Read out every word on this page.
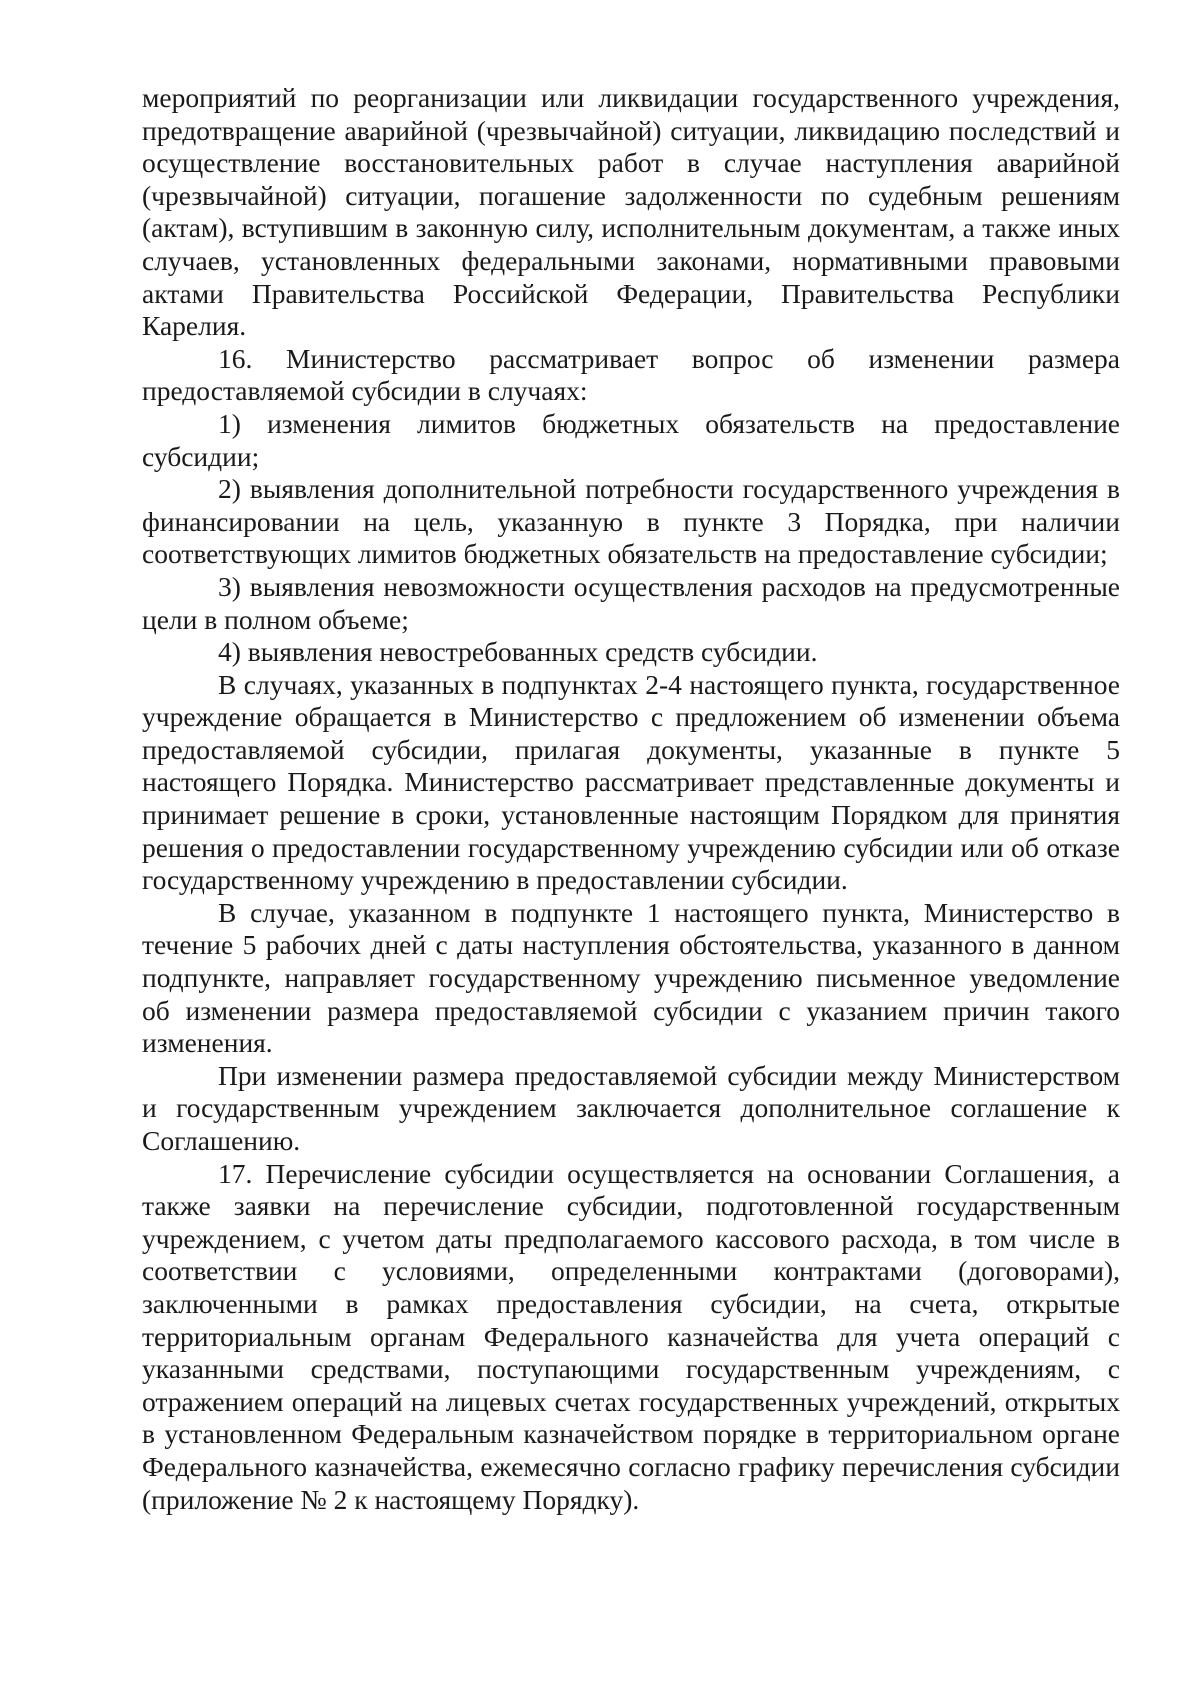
мероприятий по реорганизации или ликвидации государственного учреждения, предотвращение аварийной (чрезвычайной) ситуации, ликвидацию последствий и осуществление восстановительных работ в случае наступления аварийной (чрезвычайной) ситуации, погашение задолженности по судебным решениям (актам), вступившим в законную силу, исполнительным документам, а также иных случаев, установленных федеральными законами, нормативными правовыми актами Правительства Российской Федерации, Правительства Республики Карелия.

16. Министерство рассматривает вопрос об изменении размера предоставляемой субсидии в случаях:

1) изменения лимитов бюджетных обязательств на предоставление субсидии;

2) выявления дополнительной потребности государственного учреждения в финансировании на цель, указанную в пункте 3 Порядка, при наличии соответствующих лимитов бюджетных обязательств на предоставление субсидии;

3) выявления невозможности осуществления расходов на предусмотренные цели в полном объеме;

4) выявления невостребованных средств субсидии.

В случаях, указанных в подпунктах 2-4 настоящего пункта, государственное учреждение обращается в Министерство с предложением об изменении объема предоставляемой субсидии, прилагая документы, указанные в пункте 5 настоящего Порядка. Министерство рассматривает представленные документы и принимает решение в сроки, установленные настоящим Порядком для принятия решения о предоставлении государственному учреждению субсидии или об отказе государственному учреждению в предоставлении субсидии.

В случае, указанном в подпункте 1 настоящего пункта, Министерство в течение 5 рабочих дней с даты наступления обстоятельства, указанного в данном подпункте, направляет государственному учреждению письменное уведомление об изменении размера предоставляемой субсидии с указанием причин такого изменения.

При изменении размера предоставляемой субсидии между Министерством и государственным учреждением заключается дополнительное соглашение к Соглашению.

17. Перечисление субсидии осуществляется на основании Соглашения, а также заявки на перечисление субсидии, подготовленной государственным учреждением, с учетом даты предполагаемого кассового расхода, в том числе в соответствии с условиями, определенными контрактами (договорами), заключенными в рамках предоставления субсидии, на счета, открытые территориальным органам Федерального казначейства для учета операций с указанными средствами, поступающими государственным учреждениям, с отражением операций на лицевых счетах государственных учреждений, открытых в установленном Федеральным казначейством порядке в территориальном органе Федерального казначейства, ежемесячно согласно графику перечисления субсидии (приложение № 2 к настоящему Порядку).
